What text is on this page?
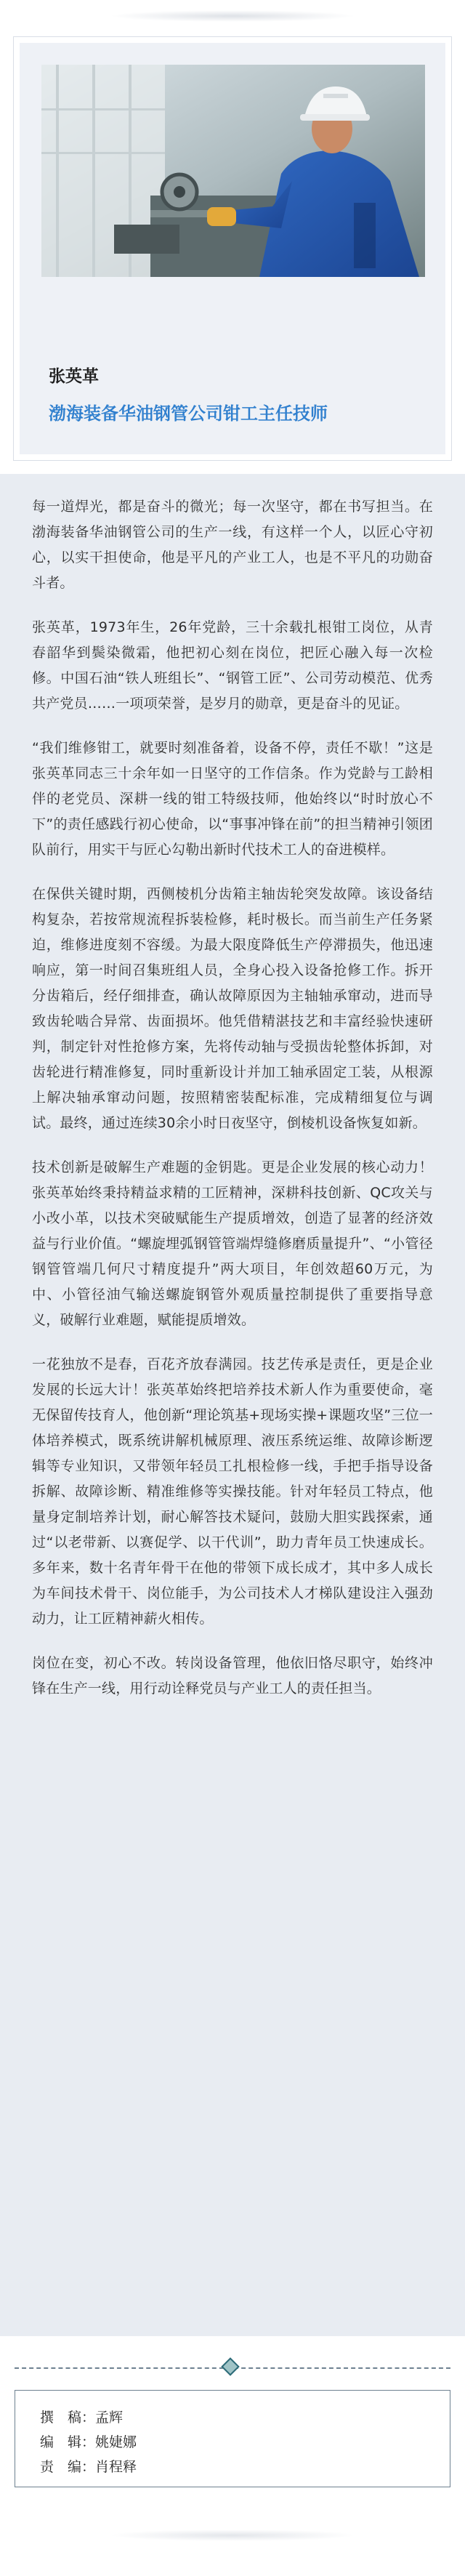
张英革
渤海装备华油钢管公司钳工主任技师

每一道焊光，都是奋斗的微光；每一次坚守，都在书写担当。在渤海装备华油钢管公司的生产一线，有这样一个人，以匠心守初心，以实干担使命，他是平凡的产业工人，也是不平凡的功勋奋斗者。

张英革，1973年生，26年党龄，三十余载扎根钳工岗位，从青春韶华到鬓染微霜，他把初心刻在岗位，把匠心融入每一次检修。中国石油“铁人班组长”、“钢管工匠”、公司劳动模范、优秀共产党员……一项项荣誉，是岁月的勋章，更是奋斗的见证。

“我们维修钳工，就要时刻准备着，设备不停，责任不歇！”这是张英革同志三十余年如一日坚守的工作信条。作为党龄与工龄相伴的老党员、深耕一线的钳工特级技师，他始终以“时时放心不下”的责任感践行初心使命，以“事事冲锋在前”的担当精神引领团队前行，用实干与匠心勾勒出新时代技术工人的奋进模样。

在保供关键时期，西侧棱机分齿箱主轴齿轮突发故障。该设备结构复杂，若按常规流程拆装检修，耗时极长。而当前生产任务紧迫，维修进度刻不容缓。为最大限度降低生产停滞损失，他迅速响应，第一时间召集班组人员，全身心投入设备抢修工作。拆开分齿箱后，经仔细排查，确认故障原因为主轴轴承窜动，进而导致齿轮啮合异常、齿面损坏。他凭借精湛技艺和丰富经验快速研判，制定针对性抢修方案，先将传动轴与受损齿轮整体拆卸，对齿轮进行精准修复，同时重新设计并加工轴承固定工装，从根源上解决轴承窜动问题，按照精密装配标准，完成精细复位与调试。最终，通过连续30余小时日夜坚守，倒棱机设备恢复如新。

技术创新是破解生产难题的金钥匙。更是企业发展的核心动力！张英革始终秉持精益求精的工匠精神，深耕科技创新、QC攻关与小改小革，以技术突破赋能生产提质增效，创造了显著的经济效益与行业价值。“螺旋埋弧钢管管端焊缝修磨质量提升”、“小管径钢管管端几何尺寸精度提升”两大项目，年创效超60万元，为中、小管径油气输送螺旋钢管外观质量控制提供了重要指导意义，破解行业难题，赋能提质增效。

一花独放不是春，百花齐放春满园。技艺传承是责任，更是企业发展的长远大计！张英革始终把培养技术新人作为重要使命，毫无保留传技育人，他创新“理论筑基+现场实操+课题攻坚”三位一体培养模式，既系统讲解机械原理、液压系统运维、故障诊断逻辑等专业知识，又带领年轻员工扎根检修一线，手把手指导设备拆解、故障诊断、精准维修等实操技能。针对年轻员工特点，他量身定制培养计划，耐心解答技术疑问，鼓励大胆实践探索，通过“以老带新、以赛促学、以干代训”，助力青年员工快速成长。多年来，数十名青年骨干在他的带领下成长成才，其中多人成长为车间技术骨干、岗位能手，为公司技术人才梯队建设注入强劲动力，让工匠精神薪火相传。

岗位在变，初心不改。转岗设备管理，他依旧恪尽职守，始终冲锋在生产一线，用行动诠释党员与产业工人的责任担当。

撰　稿：孟辉
编　辑：姚婕娜
责　编：肖程释
